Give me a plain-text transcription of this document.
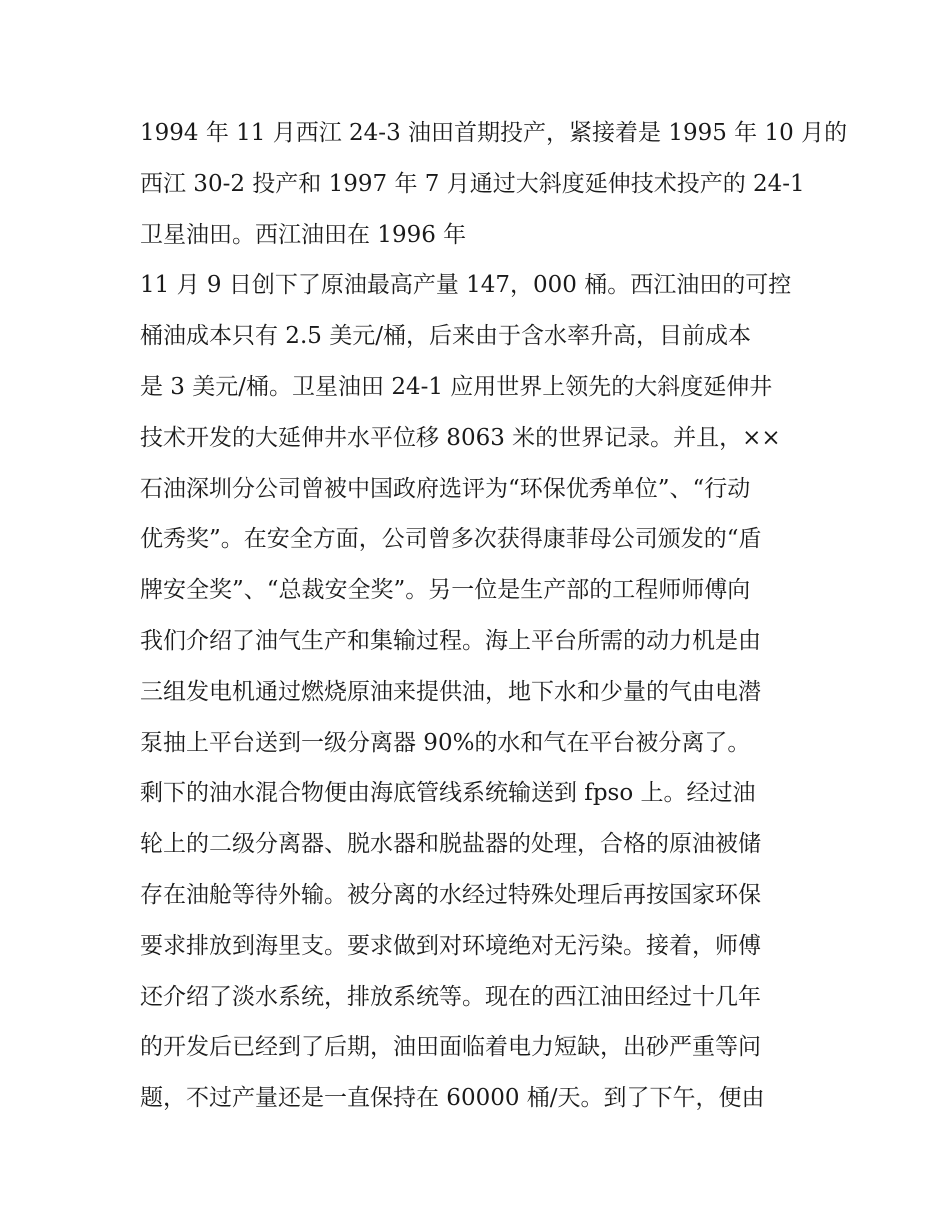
1994 年 11 月西江 24-3 油田首期投产，紧接着是 1995 年 10 月的
西江 30-2 投产和 1997 年 7 月通过大斜度延伸技术投产的 24-1
卫星油田。西江油田在 1996 年
11 月 9 日创下了原油最高产量 147，000 桶。西江油田的可控
桶油成本只有 2.5 美元/桶，后来由于含水率升高，目前成本
是 3 美元/桶。卫星油田 24-1 应用世界上领先的大斜度延伸井
技术开发的大延伸井水平位移 8063 米的世界记录。并且，××
石油深圳分公司曾被中国政府选评为“环保优秀单位”、“行动
优秀奖”。在安全方面，公司曾多次获得康菲母公司颁发的“盾
牌安全奖”、“总裁安全奖”。另一位是生产部的工程师师傅向
我们介绍了油气生产和集输过程。海上平台所需的动力机是由
三组发电机通过燃烧原油来提供油，地下水和少量的气由电潜
泵抽上平台送到一级分离器 90%的水和气在平台被分离了。
剩下的油水混合物便由海底管线系统输送到 fpso 上。经过油
轮上的二级分离器、脱水器和脱盐器的处理，合格的原油被储
存在油舱等待外输。被分离的水经过特殊处理后再按国家环保
要求排放到海里支。要求做到对环境绝对无污染。接着，师傅
还介绍了淡水系统，排放系统等。现在的西江油田经过十几年
的开发后已经到了后期，油田面临着电力短缺，出砂严重等问
题，不过产量还是一直保持在 60000 桶/天。到了下午，便由
